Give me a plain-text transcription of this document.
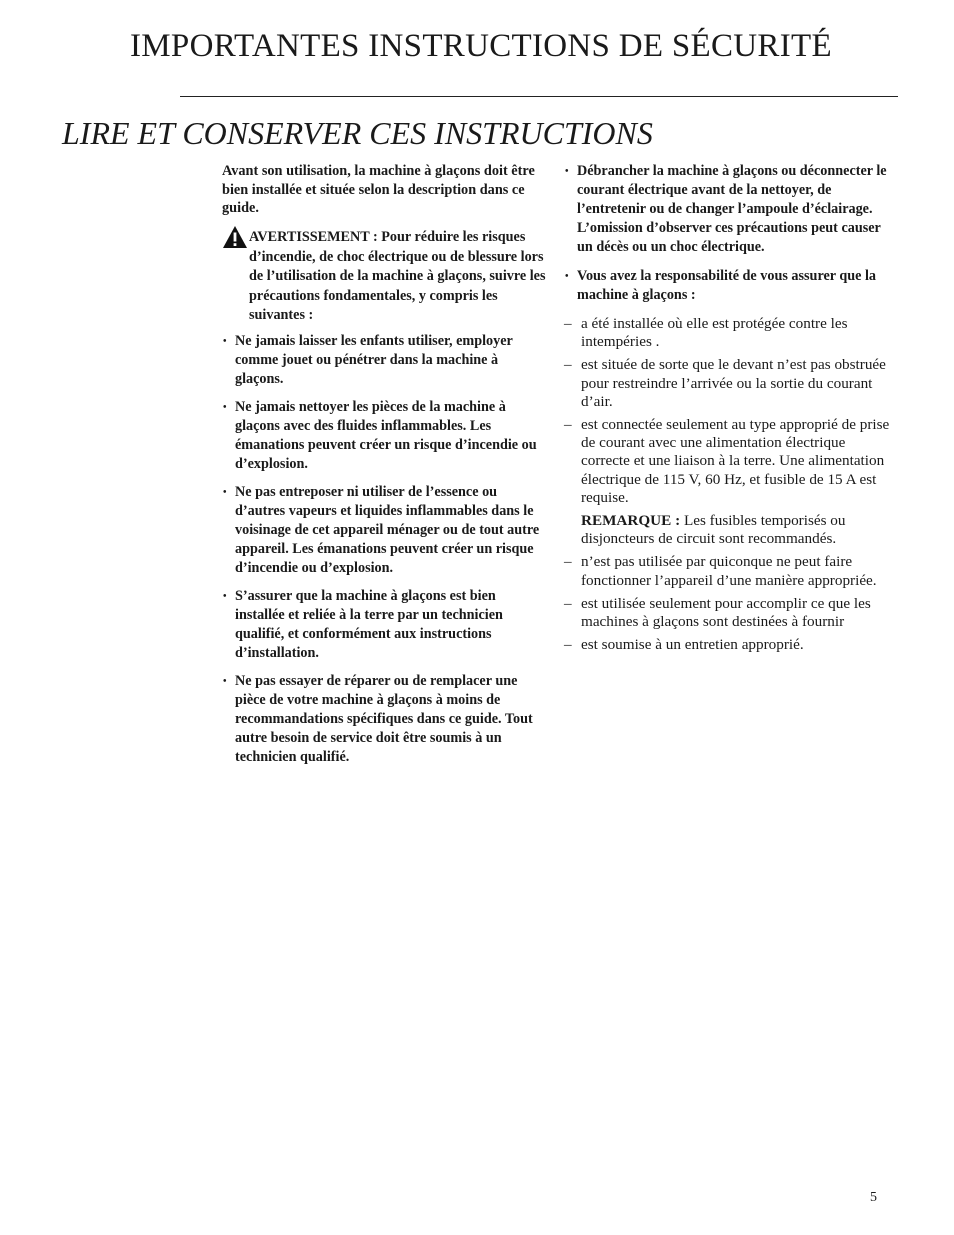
IMPORTANTES INSTRUCTIONS DE SÉCURITÉ
LIRE ET CONSERVER CES INSTRUCTIONS

Avant son utilisation, la machine à glaçons doit être bien installée et située selon la description dans ce guide.

AVERTISSEMENT : Pour réduire les risques d’incendie, de choc électrique ou de blessure lors de l’utilisation de la machine à glaçons, suivre les précautions fondamentales, y compris les suivantes :
• Ne jamais laisser les enfants utiliser, employer comme jouet ou pénétrer dans la machine à glaçons.
• Ne jamais nettoyer les pièces de la machine à glaçons avec des fluides inflammables. Les émanations peuvent créer un risque d’incendie ou d’explosion.
• Ne pas entreposer ni utiliser de l’essence ou d’autres vapeurs et liquides inflammables dans le voisinage de cet appareil ménager ou de tout autre appareil. Les émanations peuvent créer un risque d’incendie ou d’explosion.
• S’assurer que la machine à glaçons est bien installée et reliée à la terre par un technicien qualifié, et conformément aux instructions d’installation.
• Ne pas essayer de réparer ou de remplacer une pièce de votre machine à glaçons à moins de recommandations spécifiques dans ce guide. Tout autre besoin de service doit être soumis à un technicien qualifié.
• Débrancher la machine à glaçons ou déconnecter le courant électrique avant de la nettoyer, de l’entretenir ou de changer l’ampoule d’éclairage. L’omission d’observer ces précautions peut causer un décès ou un choc électrique.
• Vous avez la responsabilité de vous assurer que la machine à glaçons :
– a été installée où elle est protégée contre les intempéries .
– est située de sorte que le devant n’est pas obstruée pour restreindre l’arrivée ou la sortie du courant d’air.
– est connectée seulement au type approprié de prise de courant avec une alimentation électrique correcte et une liaison à la terre. Une alimentation électrique de 115 V, 60 Hz, et fusible de 15 A est requise.
REMARQUE : Les fusibles temporisés ou disjoncteurs de circuit sont recommandés.
– n’est pas utilisée par quiconque ne peut faire fonctionner l’appareil d’une manière appropriée.
– est utilisée seulement pour accomplir ce que les machines à glaçons sont destinées à fournir
– est soumise à un entretien approprié.
5
